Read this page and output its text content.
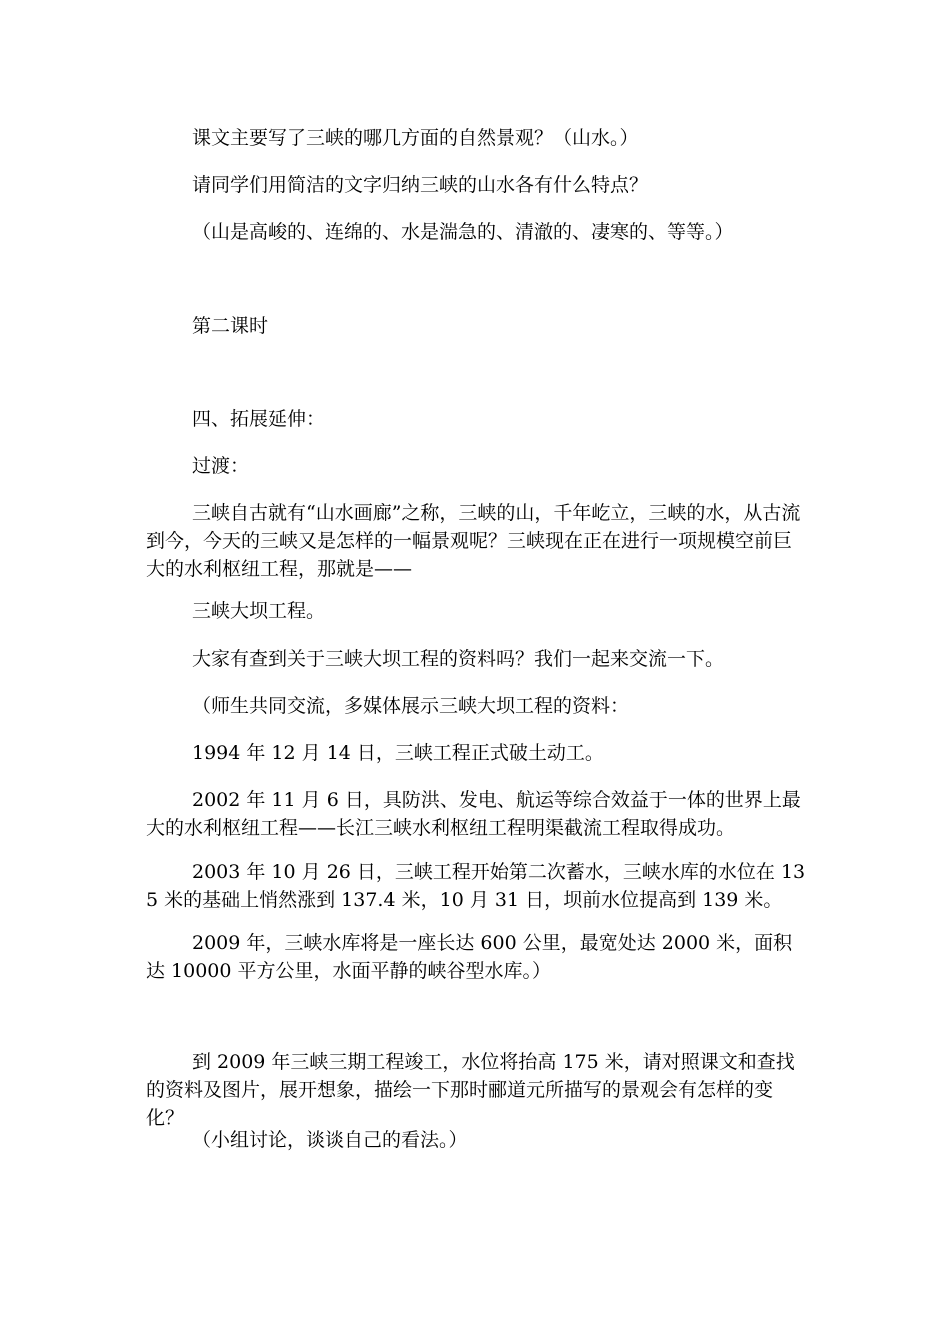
课文主要写了三峡的哪几方面的自然景观？（山水。）

请同学们用简洁的文字归纳三峡的山水各有什么特点？

（山是高峻的、连绵的、水是湍急的、清澈的、凄寒的、等等。）

第二课时

四、拓展延伸：

过渡：

三峡自古就有“山水画廊”之称，三峡的山，千年屹立，三峡的水，从古流到今，今天的三峡又是怎样的一幅景观呢？三峡现在正在进行一项规模空前巨大的水利枢纽工程，那就是——

三峡大坝工程。

大家有查到关于三峡大坝工程的资料吗？我们一起来交流一下。

（师生共同交流，多媒体展示三峡大坝工程的资料：

1994 年 12 月 14 日，三峡工程正式破土动工。

2002 年 11 月 6 日，具防洪、发电、航运等综合效益于一体的世界上最大的水利枢纽工程——长江三峡水利枢纽工程明渠截流工程取得成功。

2003 年 10 月 26 日，三峡工程开始第二次蓄水，三峡水库的水位在 135 米的基础上悄然涨到 137.4 米，10 月 31 日，坝前水位提高到 139 米。

2009 年，三峡水库将是一座长达 600 公里，最宽处达 2000 米，面积达 10000 平方公里，水面平静的峡谷型水库。）

到 2009 年三峡三期工程竣工，水位将抬高 175 米，请对照课文和查找的资料及图片，展开想象，描绘一下那时郦道元所描写的景观会有怎样的变化？

（小组讨论，谈谈自己的看法。）
